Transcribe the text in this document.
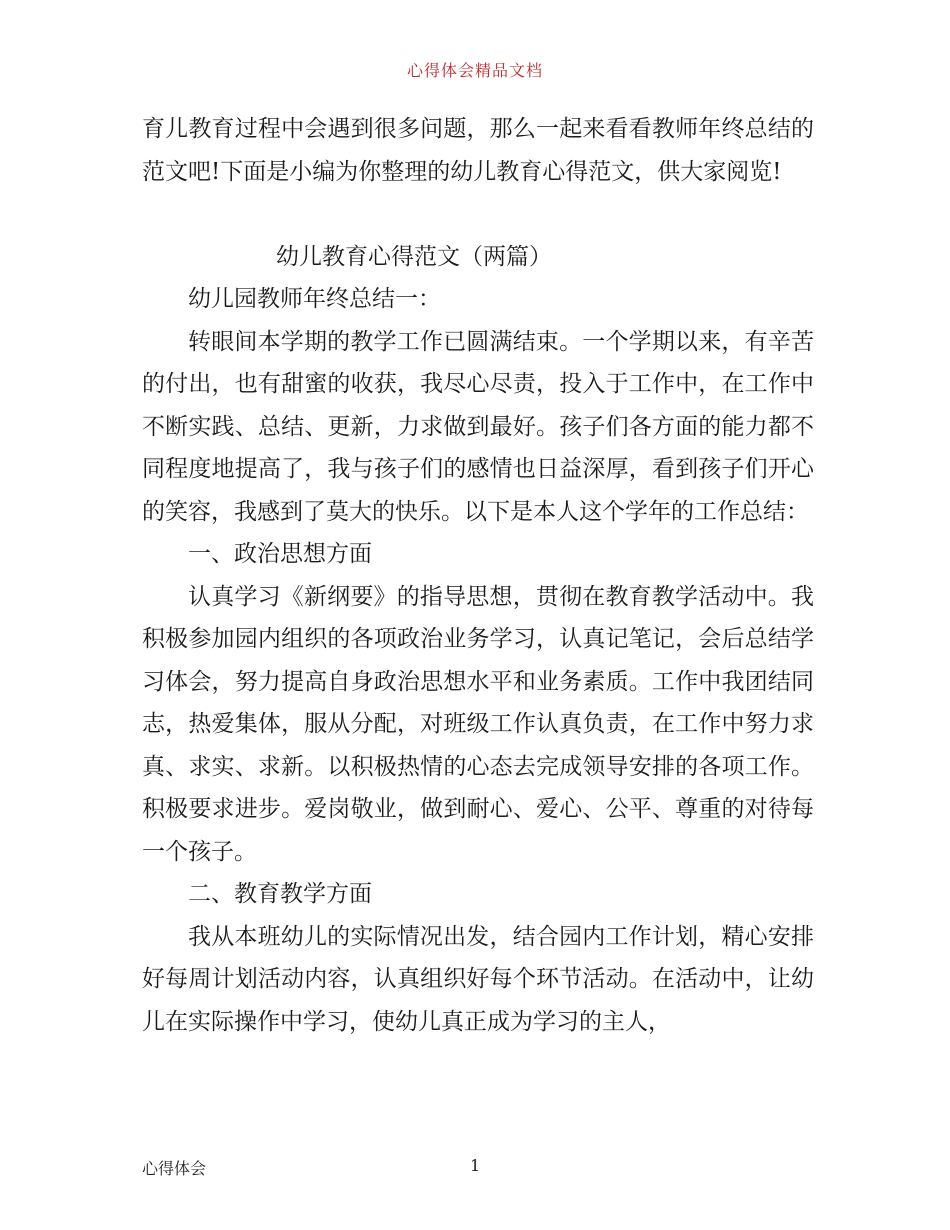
心得体会精品文档

育儿教育过程中会遇到很多问题，那么一起来看看教师年终总结的范文吧!下面是小编为你整理的幼儿教育心得范文，供大家阅览!

幼儿教育心得范文（两篇）

幼儿园教师年终总结一：

转眼间本学期的教学工作已圆满结束。一个学期以来，有辛苦的付出，也有甜蜜的收获，我尽心尽责，投入于工作中，在工作中不断实践、总结、更新，力求做到最好。孩子们各方面的能力都不同程度地提高了，我与孩子们的感情也日益深厚，看到孩子们开心的笑容，我感到了莫大的快乐。以下是本人这个学年的工作总结：

一、政治思想方面

认真学习《新纲要》的指导思想，贯彻在教育教学活动中。我积极参加园内组织的各项政治业务学习，认真记笔记，会后总结学习体会，努力提高自身政治思想水平和业务素质。工作中我团结同志，热爱集体，服从分配，对班级工作认真负责，在工作中努力求真、求实、求新。以积极热情的心态去完成领导安排的各项工作。积极要求进步。爱岗敬业，做到耐心、爱心、公平、尊重的对待每一个孩子。

二、教育教学方面

我从本班幼儿的实际情况出发，结合园内工作计划，精心安排好每周计划活动内容，认真组织好每个环节活动。在活动中，让幼儿在实际操作中学习，使幼儿真正成为学习的主人，

心得体会	1
